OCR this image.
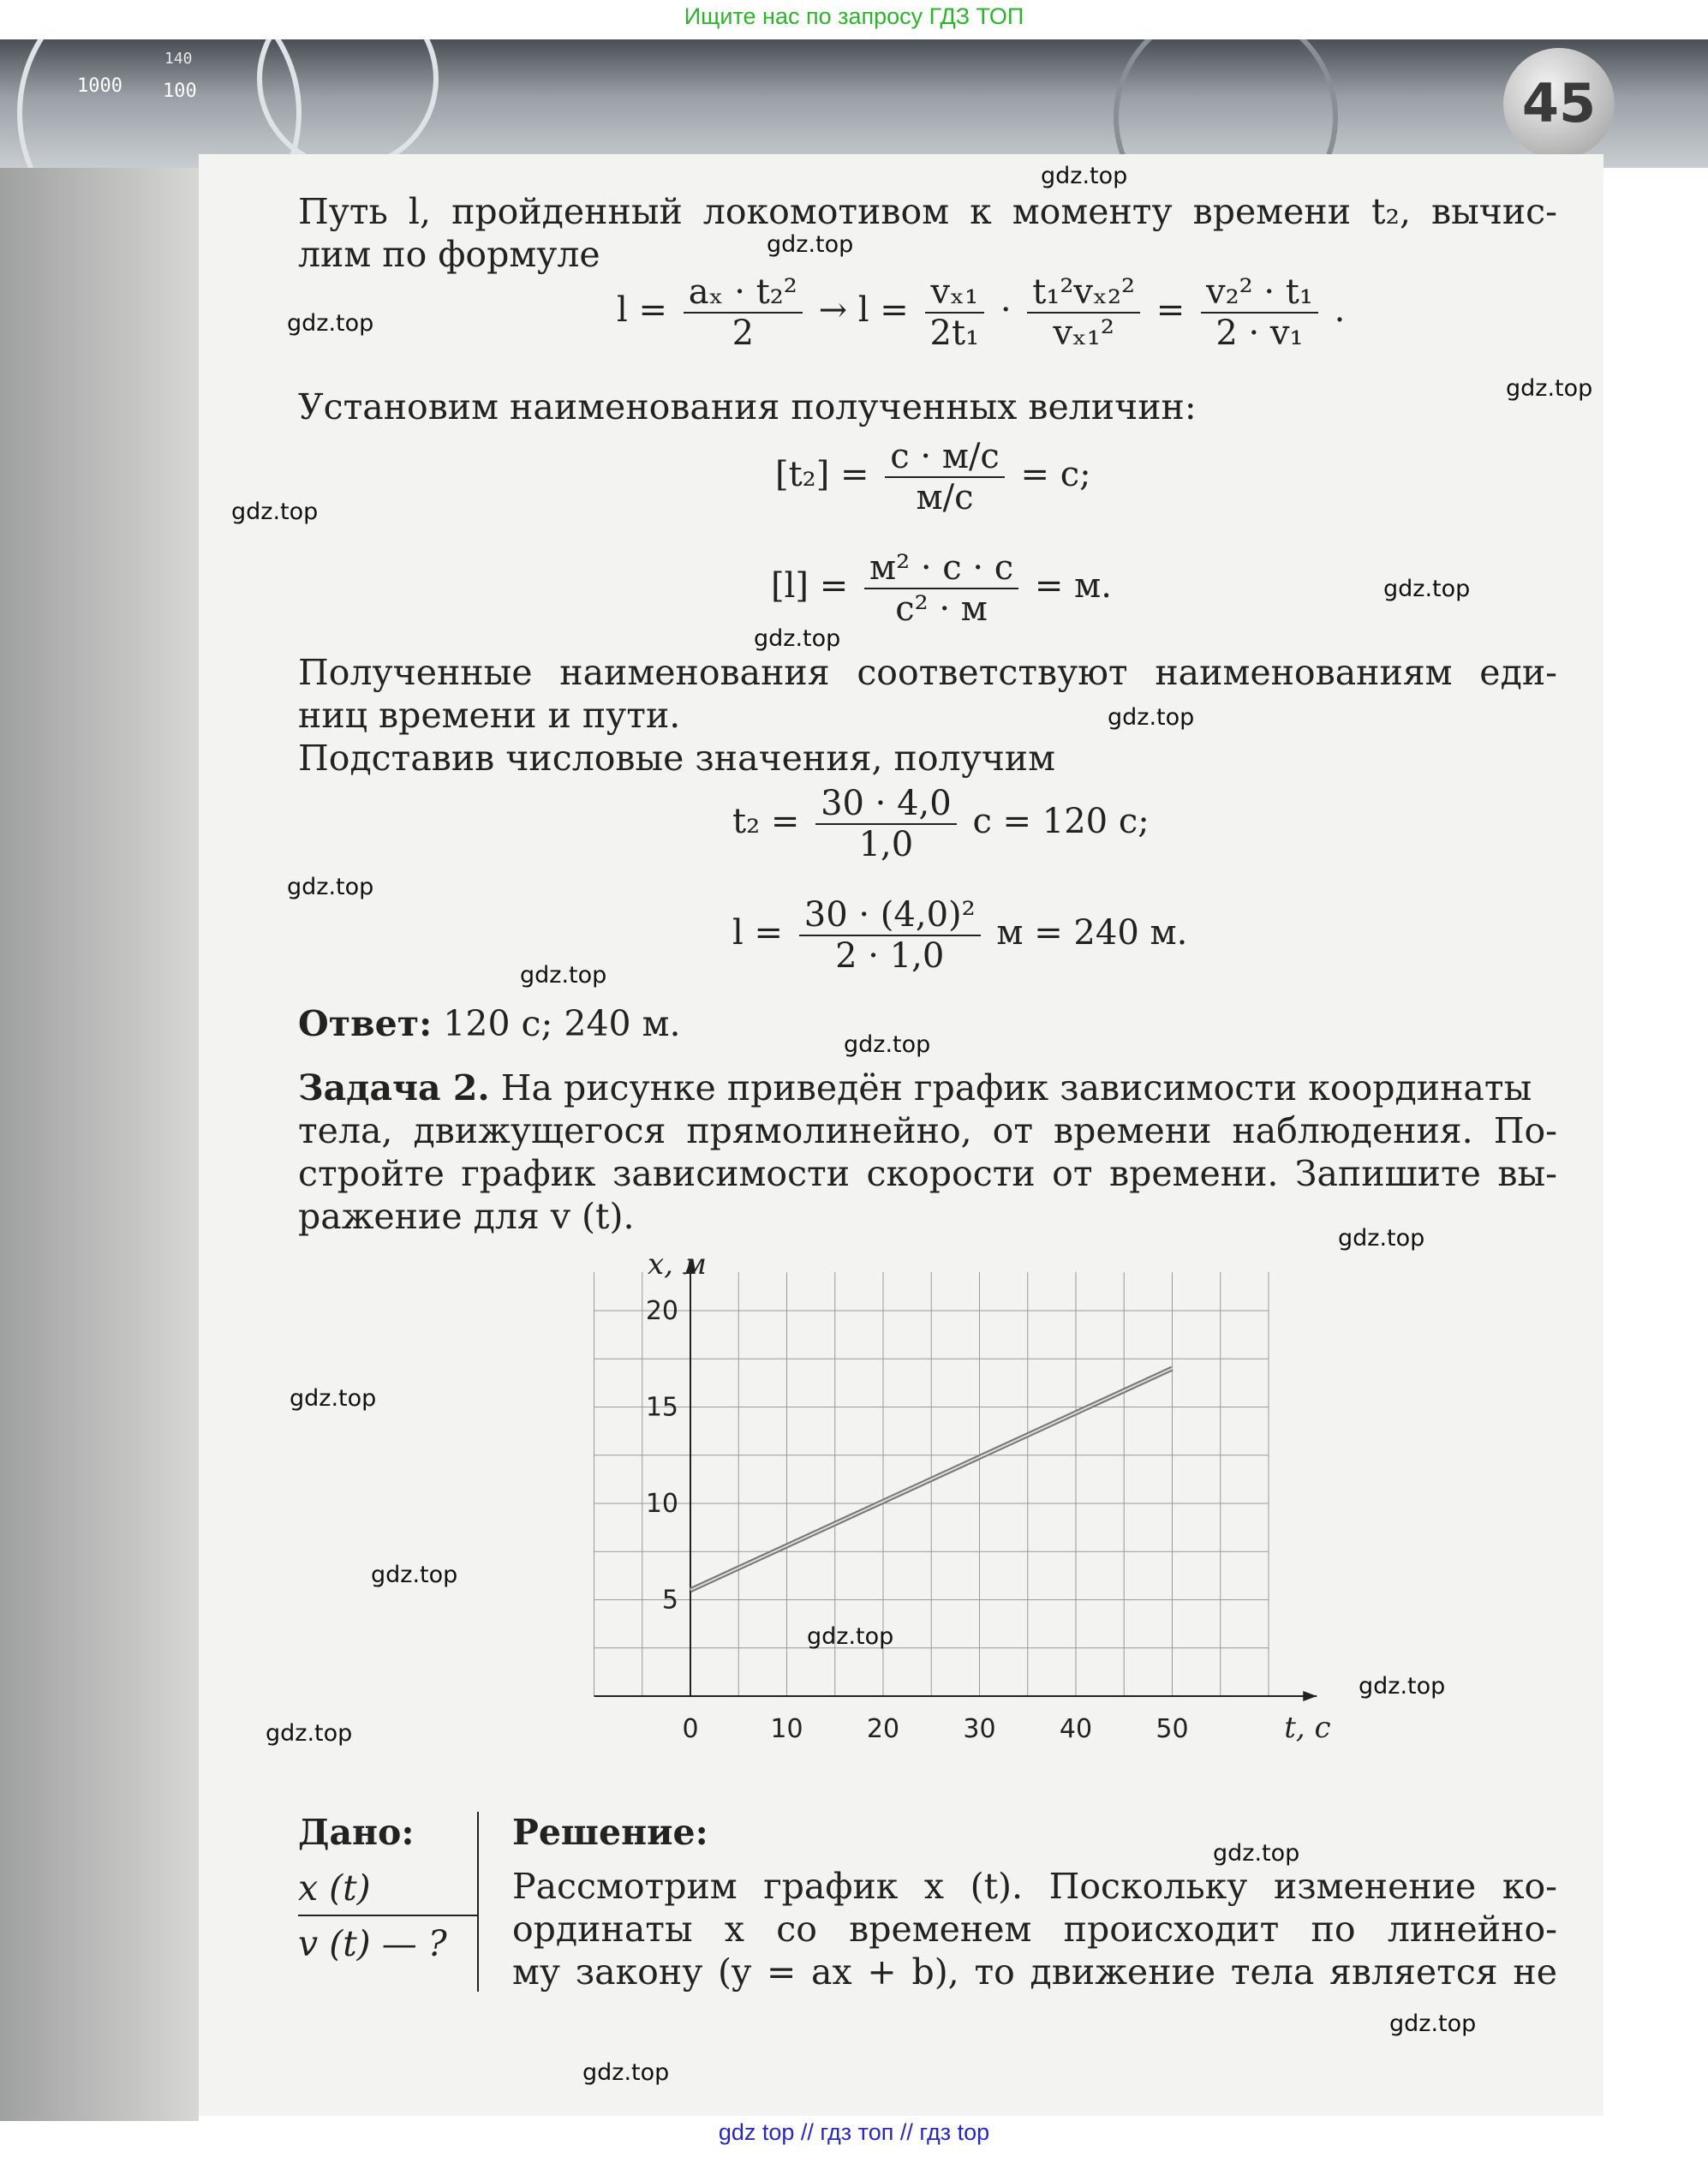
Ищите нас по запросу ГДЗ ТОП
1000 100
140
45
Путь l, пройденный локомотивом к моменту времени t₂, вычис-
лим по формуле
$l = \frac{\text{aₓ · t₂²}}{2} \to l = \frac{\text{vₓ₁}}{\text{2t₁}} \cdot \frac{\text{t₁²vₓ₂²}}{\text{vₓ₁²}} = \frac{\text{v₂² · t₁}}{\text{2 · v₁}}$ .
Установим наименования полученных величин:
$[t_2] = \frac{с \cdot м/с}{м/с} = с$;
$[l] = \frac{\text{м² · с · с}}{\text{с² · м}} = м$.
Полученные наименования соответствуют наименованиям еди-
ниц времени и пути.
Подставив числовые значения, получим
$t_2 = \frac{30 \cdot 4,0}{1,0}$ с = 120 с;
$l = \frac{\text{30 · (4,0)²}}{2 \cdot 1,0}$ м = 240 м.
Ответ: 120 с; 240 м.
Задача 2. На рисунке приведён график зависимости координаты
тела, движущегося прямолинейно, от времени наблюдения. По-
стройте график зависимости скорости от времени. Запишите вы-
ражение для v (t).
0	10 20 30 40 50
5
10
15
20
t, с
x, м
Дано:
x (t)
v (t) — ?
Решение:
Рассмотрим график x (t). Поскольку изменение ко-
ординаты x со временем происходит по линейно-
му закону (y = ax + b), то движение тела является не
gdz.top
gdz.top
gdz.top
gdz.top
gdz.top
gdz.top
gdz.top
gdz.top
gdz.top
gdz.top
gdz.top
gdz.top
gdz.top
gdz.top
gdz.top
gdz.top
gdz.top
gdz.top
gdz.top
gdz.top
gdz top // гдз топ // гдз top
